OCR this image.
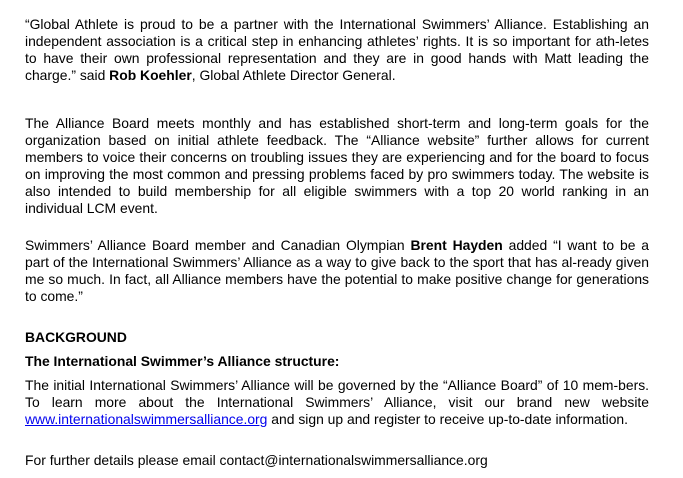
“Global Athlete is proud to be a partner with the International Swimmers’ Alliance. Establishing an independent association is a critical step in enhancing athletes’ rights. It is so important for ath-letes to have their own professional representation and they are in good hands with Matt leading the charge.” said Rob Koehler, Global Athlete Director General.

The Alliance Board meets monthly and has established short-term and long-term goals for the organization based on initial athlete feedback. The “Alliance website” further allows for current members to voice their concerns on troubling issues they are experiencing and for the board to focus on improving the most common and pressing problems faced by pro swimmers today. The website is also intended to build membership for all eligible swimmers with a top 20 world ranking in an individual LCM event.

Swimmers’ Alliance Board member and Canadian Olympian Brent Hayden added “I want to be a part of the International Swimmers’ Alliance as a way to give back to the sport that has al-ready given me so much. In fact, all Alliance members have the potential to make positive change for generations to come.”

BACKGROUND
The International Swimmer’s Alliance structure:

The initial International Swimmers’ Alliance will be governed by the “Alliance Board” of 10 mem-bers. To learn more about the International Swimmers’ Alliance, visit our brand new website www.internationalswimmersalliance.org and sign up and register to receive up-to-date information.

For further details please email contact@internationalswimmersalliance.org
